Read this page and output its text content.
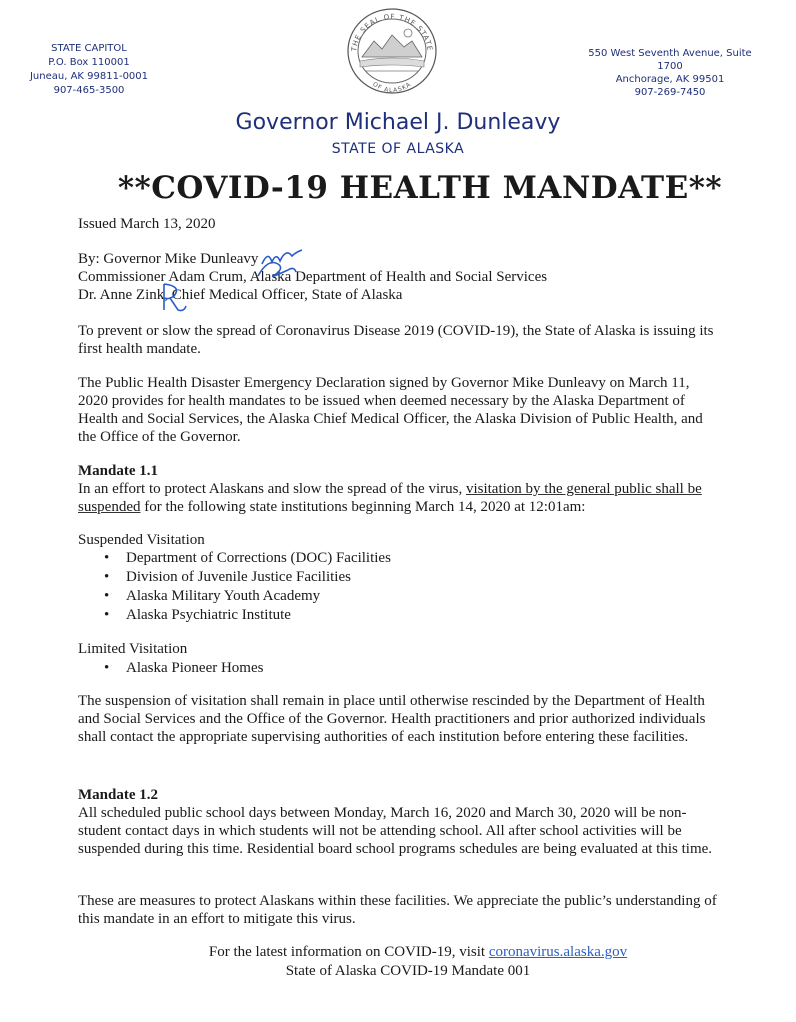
STATE CAPITOL
P.O. Box 110001
Juneau, AK 99811-0001
907-465-3500
THE SEAL OF THE STATE
OF ALASKA
550 West Seventh Avenue, Suite 1700
Anchorage, AK 99501
907-269-7450
Governor Michael J. Dunleavy
STATE OF ALASKA
**COVID-19 HEALTH MANDATE**
Issued March 13, 2020
By: Governor Mike Dunleavy
Commissioner Adam Crum, Alaska Department of Health and Social Services
Dr. Anne Zink, Chief Medical Officer, State of Alaska

To prevent or slow the spread of Coronavirus Disease 2019 (COVID-19), the State of Alaska is issuing its first health mandate.

The Public Health Disaster Emergency Declaration signed by Governor Mike Dunleavy on March 11, 2020 provides for health mandates to be issued when deemed necessary by the Alaska Department of Health and Social Services, the Alaska Chief Medical Officer, the Alaska Division of Public Health, and the Office of the Governor.

Mandate 1.1

In an effort to protect Alaskans and slow the spread of the virus, visitation by the general public shall be suspended for the following state institutions beginning March 14, 2020 at 12:01am:

Suspended Visitation
• Department of Corrections (DOC) Facilities
• Division of Juvenile Justice Facilities
• Alaska Military Youth Academy
• Alaska Psychiatric Institute
Limited Visitation
• Alaska Pioneer Homes

The suspension of visitation shall remain in place until otherwise rescinded by the Department of Health and Social Services and the Office of the Governor. Health practitioners and prior authorized individuals shall contact the appropriate supervising authorities of each institution before entering these facilities.

Mandate 1.2

All scheduled public school days between Monday, March 16, 2020 and March 30, 2020 will be non-student contact days in which students will not be attending school. All after school activities will be suspended during this time. Residential board school programs schedules are being evaluated at this time.

These are measures to protect Alaskans within these facilities. We appreciate the public’s understanding of this mandate in an effort to mitigate this virus.

For the latest information on COVID-19, visit coronavirus.alaska.gov
State of Alaska COVID-19 Mandate 001
